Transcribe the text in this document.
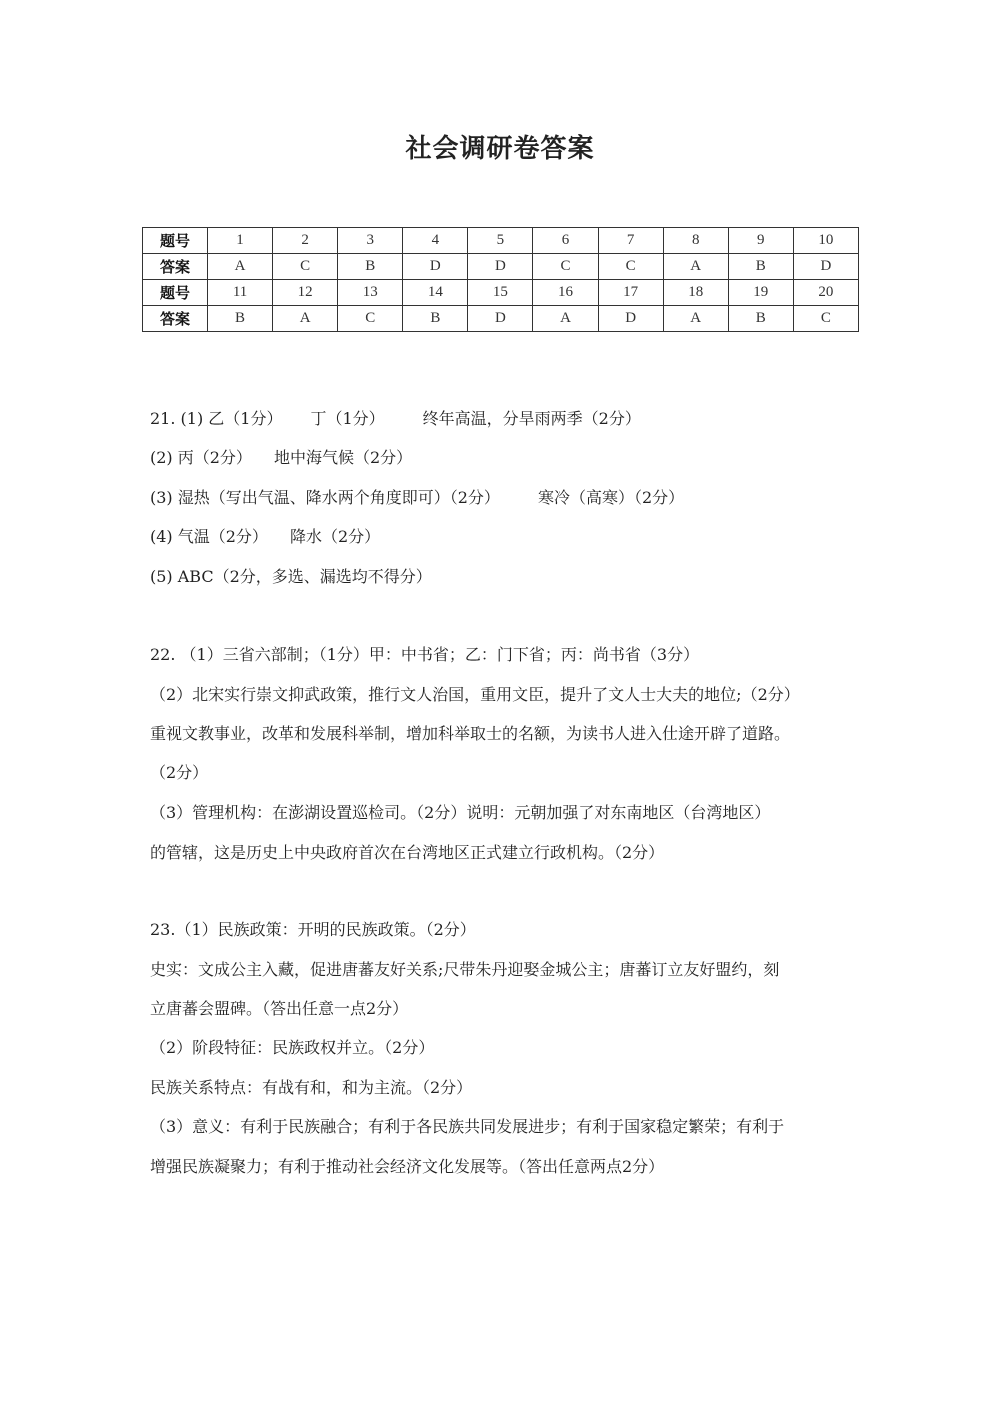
社会调研卷答案
题号	1	2	3	4	5	6	7	8	9	10
答案	A	C	B	D	D	C	C	A	B	D
题号	11	12	13	14	15	16	17	18	19	20
答案	B	A	C	B	D	A	D	A	B	C
21. (1) 乙（1分） 丁（1分） 终年高温，分旱雨两季（2分）
(2) 丙（2分） 地中海气候（2分）
(3) 湿热（写出气温、降水两个角度即可）（2分） 寒冷（高寒）（2分）
(4) 气温（2分） 降水（2分）
(5) ABC（2分，多选、漏选均不得分）
22. （1）三省六部制；（1分）甲：中书省；乙：门下省；丙：尚书省（3分）
（2）北宋实行崇文抑武政策，推行文人治国，重用文臣，提升了文人士大夫的地位;（2分）
重视文教事业，改革和发展科举制，增加科举取士的名额，为读书人进入仕途开辟了道路。
（2分）
（3）管理机构：在澎湖设置巡检司。（2分）说明：元朝加强了对东南地区（台湾地区）
的管辖，这是历史上中央政府首次在台湾地区正式建立行政机构。（2分）
23.（1）民族政策：开明的民族政策。（2分）
史实：文成公主入藏，促进唐蕃友好关系;尺带朱丹迎娶金城公主；唐蕃订立友好盟约，刻
立唐蕃会盟碑。（答出任意一点2分）
（2）阶段特征：民族政权并立。（2分）
民族关系特点：有战有和，和为主流。（2分）
（3）意义：有利于民族融合；有利于各民族共同发展进步；有利于国家稳定繁荣；有利于
增强民族凝聚力；有利于推动社会经济文化发展等。（答出任意两点2分）
